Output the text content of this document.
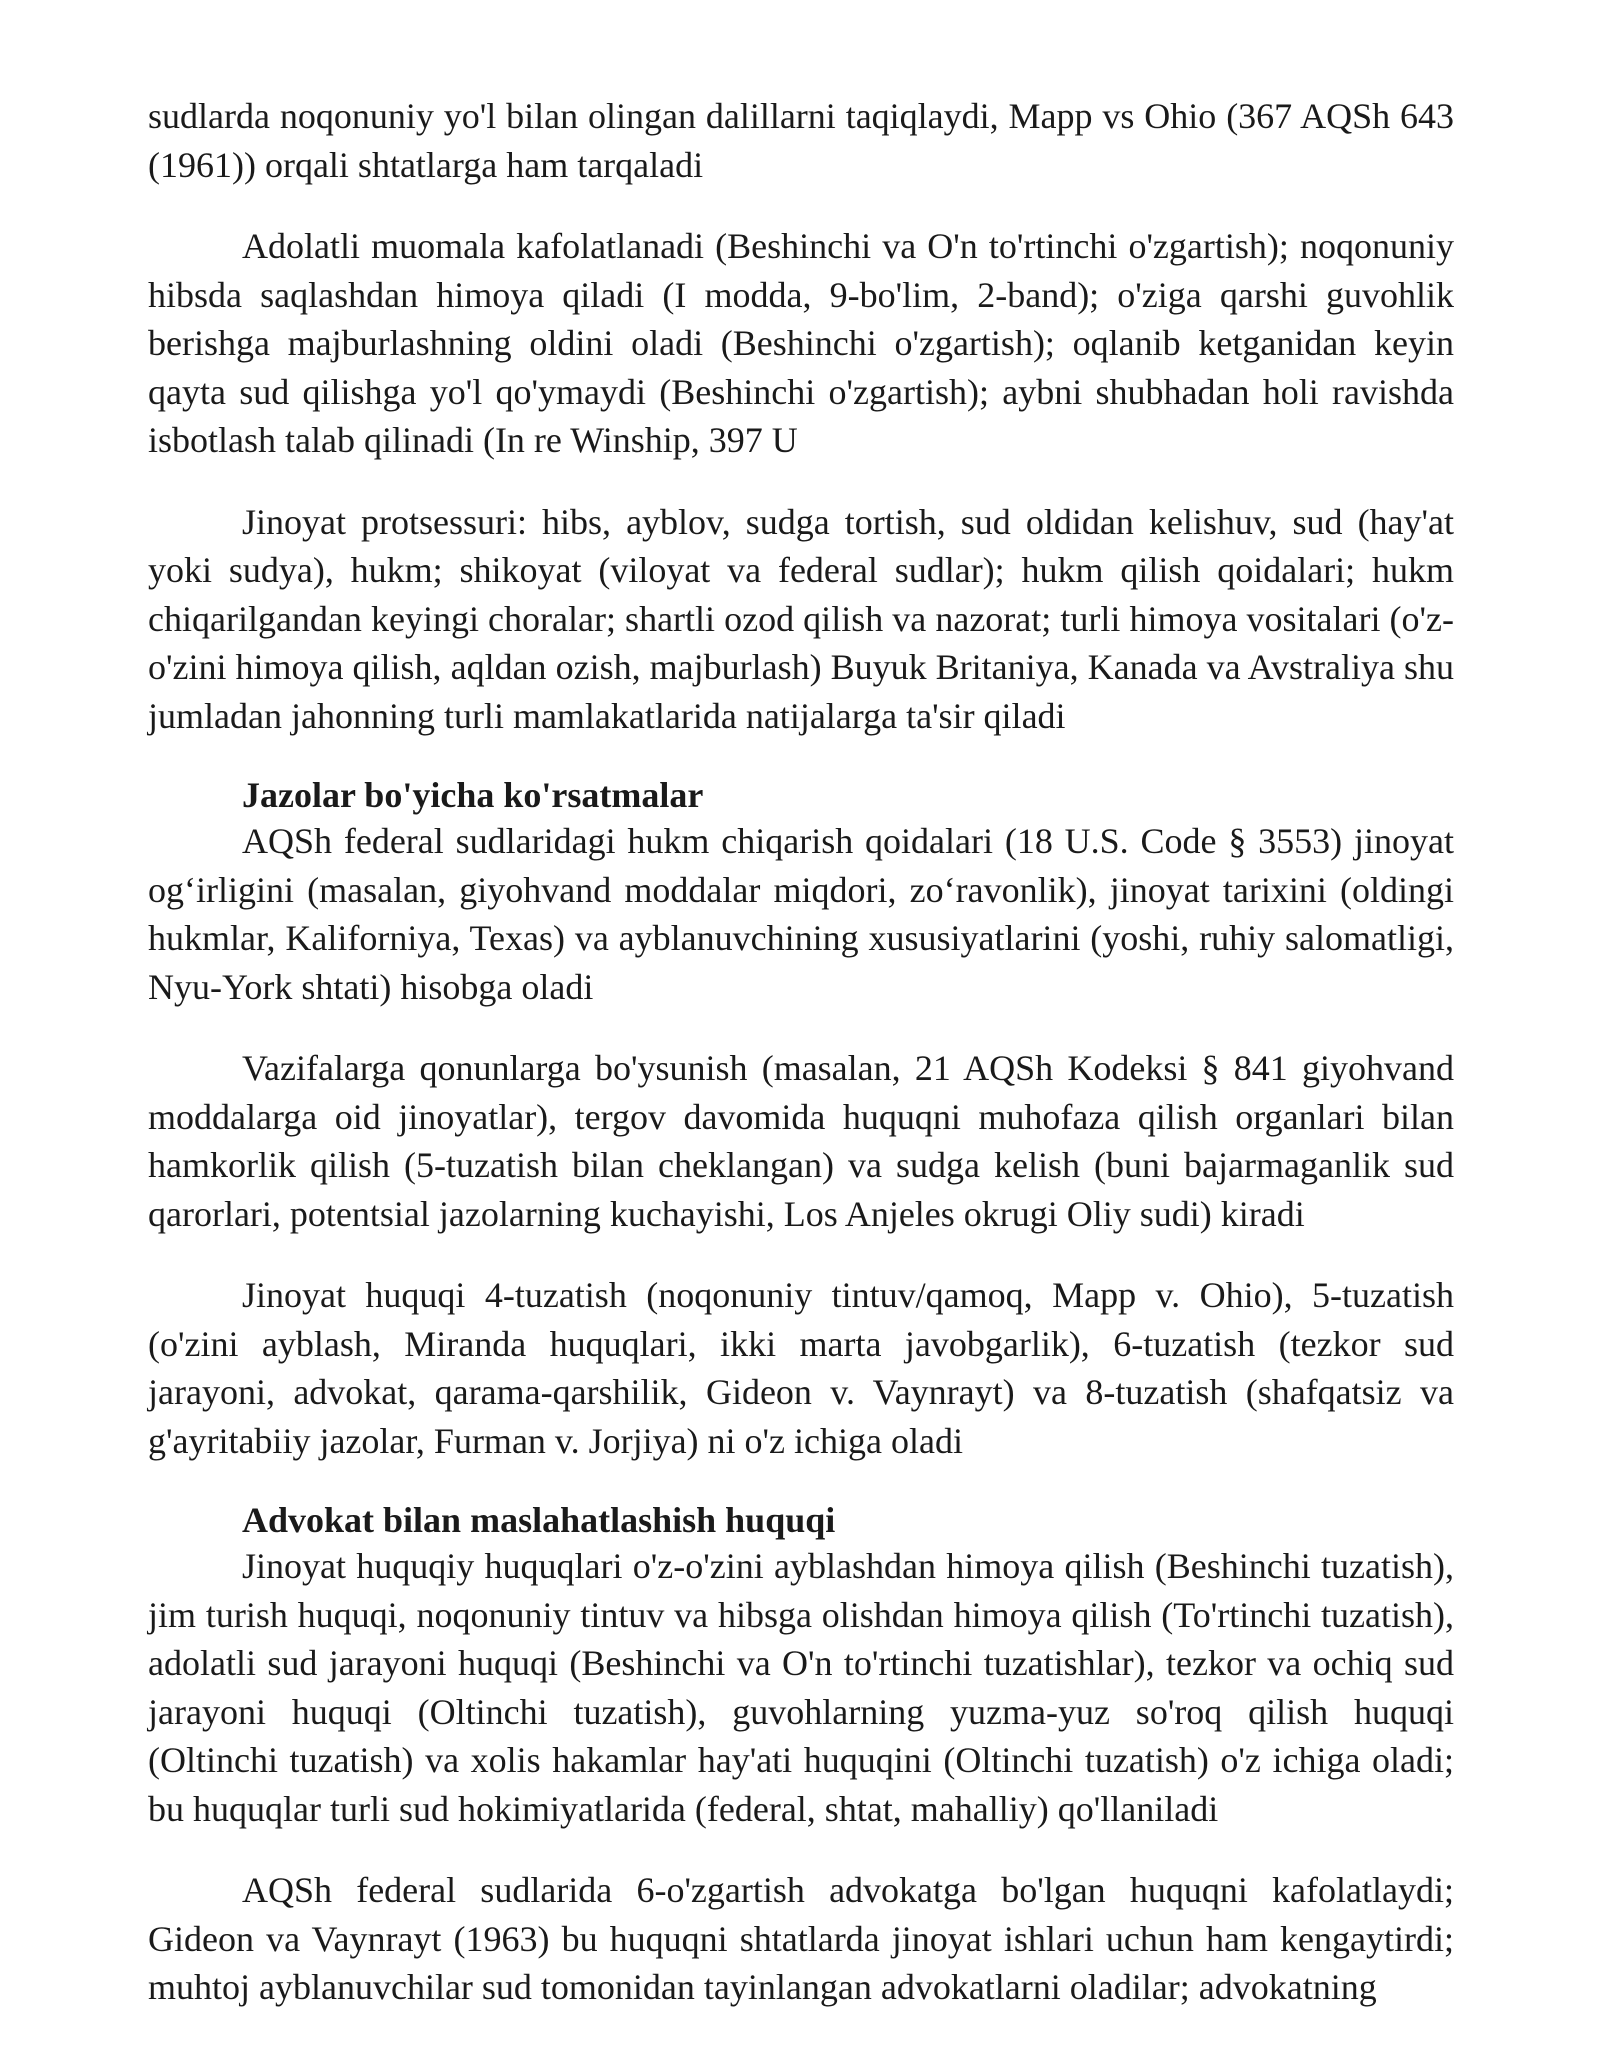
sudlarda noqonuniy yo'l bilan olingan dalillarni taqiqlaydi, Mapp vs Ohio (367 AQSh 643 (1961)) orqali shtatlarga ham tarqaladi

Adolatli muomala kafolatlanadi (Beshinchi va O'n to'rtinchi o'zgartish); noqonuniy hibsda saqlashdan himoya qiladi (I modda, 9-bo'lim, 2-band); o'ziga qarshi guvohlik berishga majburlashning oldini oladi (Beshinchi o'zgartish); oqlanib ketganidan keyin qayta sud qilishga yo'l qo'ymaydi (Beshinchi o'zgartish); aybni shubhadan holi ravishda isbotlash talab qilinadi (In re Winship, 397 U

Jinoyat protsessuri: hibs, ayblov, sudga tortish, sud oldidan kelishuv, sud (hay'at yoki sudya), hukm; shikoyat (viloyat va federal sudlar); hukm qilish qoidalari; hukm chiqarilgandan keyingi choralar; shartli ozod qilish va nazorat; turli himoya vositalari (o'z-o'zini himoya qilish, aqldan ozish, majburlash) Buyuk Britaniya, Kanada va Avstraliya shu jumladan jahonning turli mamlakatlarida natijalarga ta'sir qiladi

Jazolar bo'yicha ko'rsatmalar

AQSh federal sudlaridagi hukm chiqarish qoidalari (18 U.S. Code § 3553) jinoyat og‘irligini (masalan, giyohvand moddalar miqdori, zo‘ravonlik), jinoyat tarixini (oldingi hukmlar, Kaliforniya, Texas) va ayblanuvchining xususiyatlarini (yoshi, ruhiy salomatligi, Nyu-York shtati) hisobga oladi

Vazifalarga qonunlarga bo'ysunish (masalan, 21 AQSh Kodeksi § 841 giyohvand moddalarga oid jinoyatlar), tergov davomida huquqni muhofaza qilish organlari bilan hamkorlik qilish (5-tuzatish bilan cheklangan) va sudga kelish (buni bajarmaganlik sud qarorlari, potentsial jazolarning kuchayishi, Los Anjeles okrugi Oliy sudi) kiradi

Jinoyat huquqi 4-tuzatish (noqonuniy tintuv/qamoq, Mapp v. Ohio), 5-tuzatish (o'zini ayblash, Miranda huquqlari, ikki marta javobgarlik), 6-tuzatish (tezkor sud jarayoni, advokat, qarama-qarshilik, Gideon v. Vaynrayt) va 8-tuzatish (shafqatsiz va g'ayritabiiy jazolar, Furman v. Jorjiya) ni o'z ichiga oladi

Advokat bilan maslahatlashish huquqi

Jinoyat huquqiy huquqlari o'z-o'zini ayblashdan himoya qilish (Beshinchi tuzatish), jim turish huquqi, noqonuniy tintuv va hibsga olishdan himoya qilish (To'rtinchi tuzatish), adolatli sud jarayoni huquqi (Beshinchi va O'n to'rtinchi tuzatishlar), tezkor va ochiq sud jarayoni huquqi (Oltinchi tuzatish), guvohlarning yuzma-yuz so'roq qilish huquqi (Oltinchi tuzatish) va xolis hakamlar hay'ati huquqini (Oltinchi tuzatish) o'z ichiga oladi; bu huquqlar turli sud hokimiyatlarida (federal, shtat, mahalliy) qo'llaniladi

AQSh federal sudlarida 6-o'zgartish advokatga bo'lgan huquqni kafolatlaydi; Gideon va Vaynrayt (1963) bu huquqni shtatlarda jinoyat ishlari uchun ham kengaytirdi; muhtoj ayblanuvchilar sud tomonidan tayinlangan advokatlarni oladilar; advokatning
